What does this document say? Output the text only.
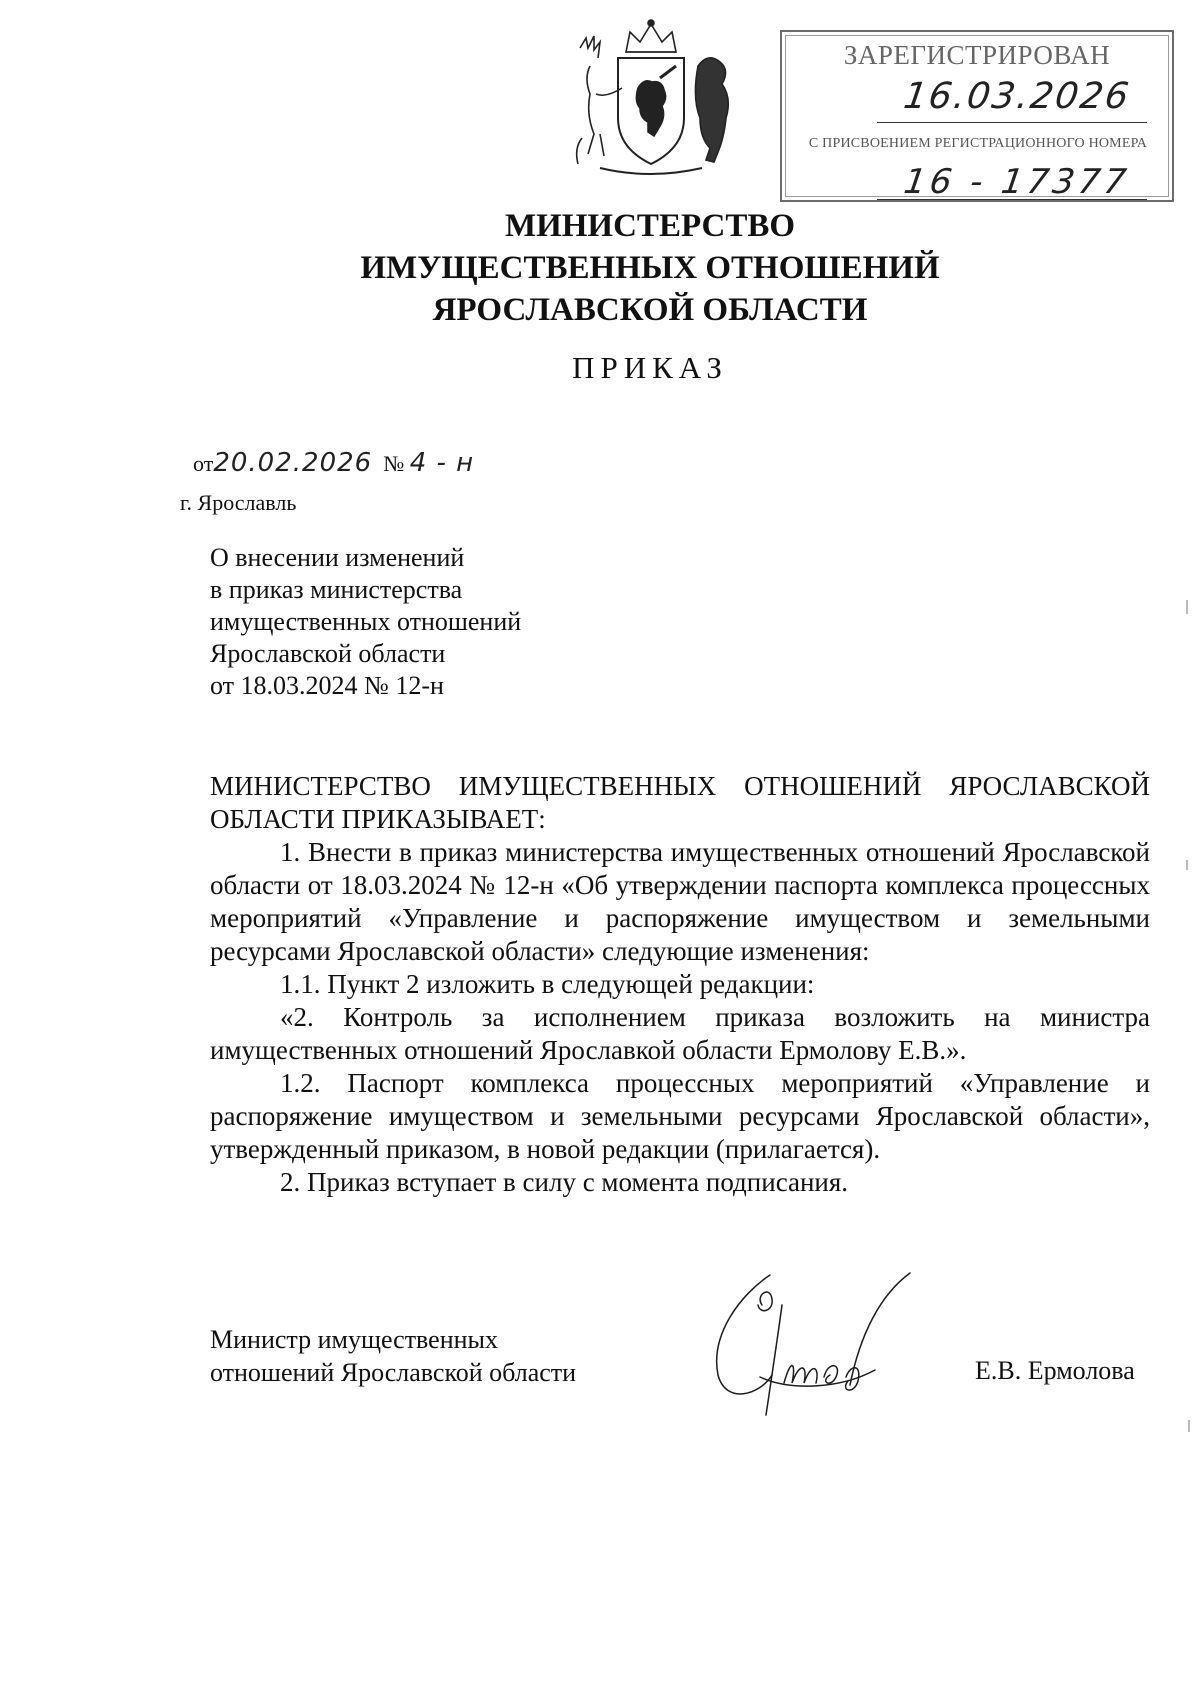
ЗАРЕГИСТРИРОВАН
16.03.2026
С ПРИСВОЕНИЕМ РЕГИСТРАЦИОННОГО НОМЕРА
16 - 17377
МИНИСТЕРСТВО
ИМУЩЕСТВЕННЫХ ОТНОШЕНИЙ
ЯРОСЛАВСКОЙ ОБЛАСТИ
ПРИКАЗ
от20.02.2026 № 4 - н
г. Ярославль
О внесении изменений
в приказ министерства
имущественных отношений
Ярославской области
от 18.03.2024 № 12-н

МИНИСТЕРСТВО ИМУЩЕСТВЕННЫХ ОТНОШЕНИЙ ЯРОСЛАВСКОЙ ОБЛАСТИ ПРИКАЗЫВАЕТ:

1. Внести в приказ министерства имущественных отношений Ярославской области от 18.03.2024 № 12-н «Об утверждении паспорта комплекса процессных мероприятий «Управление и распоряжение имуществом и земельными ресурсами Ярославской области» следующие изменения:

1.1. Пункт 2 изложить в следующей редакции:

«2. Контроль за исполнением приказа возложить на министра имущественных отношений Ярославкой области Ермолову Е.В.».

1.2. Паспорт комплекса процессных мероприятий «Управление и распоряжение имуществом и земельными ресурсами Ярославской области», утвержденный приказом, в новой редакции (прилагается).

2. Приказ вступает в силу с момента подписания.

Министр имущественных
отношений Ярославской области	Е.В. Ермолова
